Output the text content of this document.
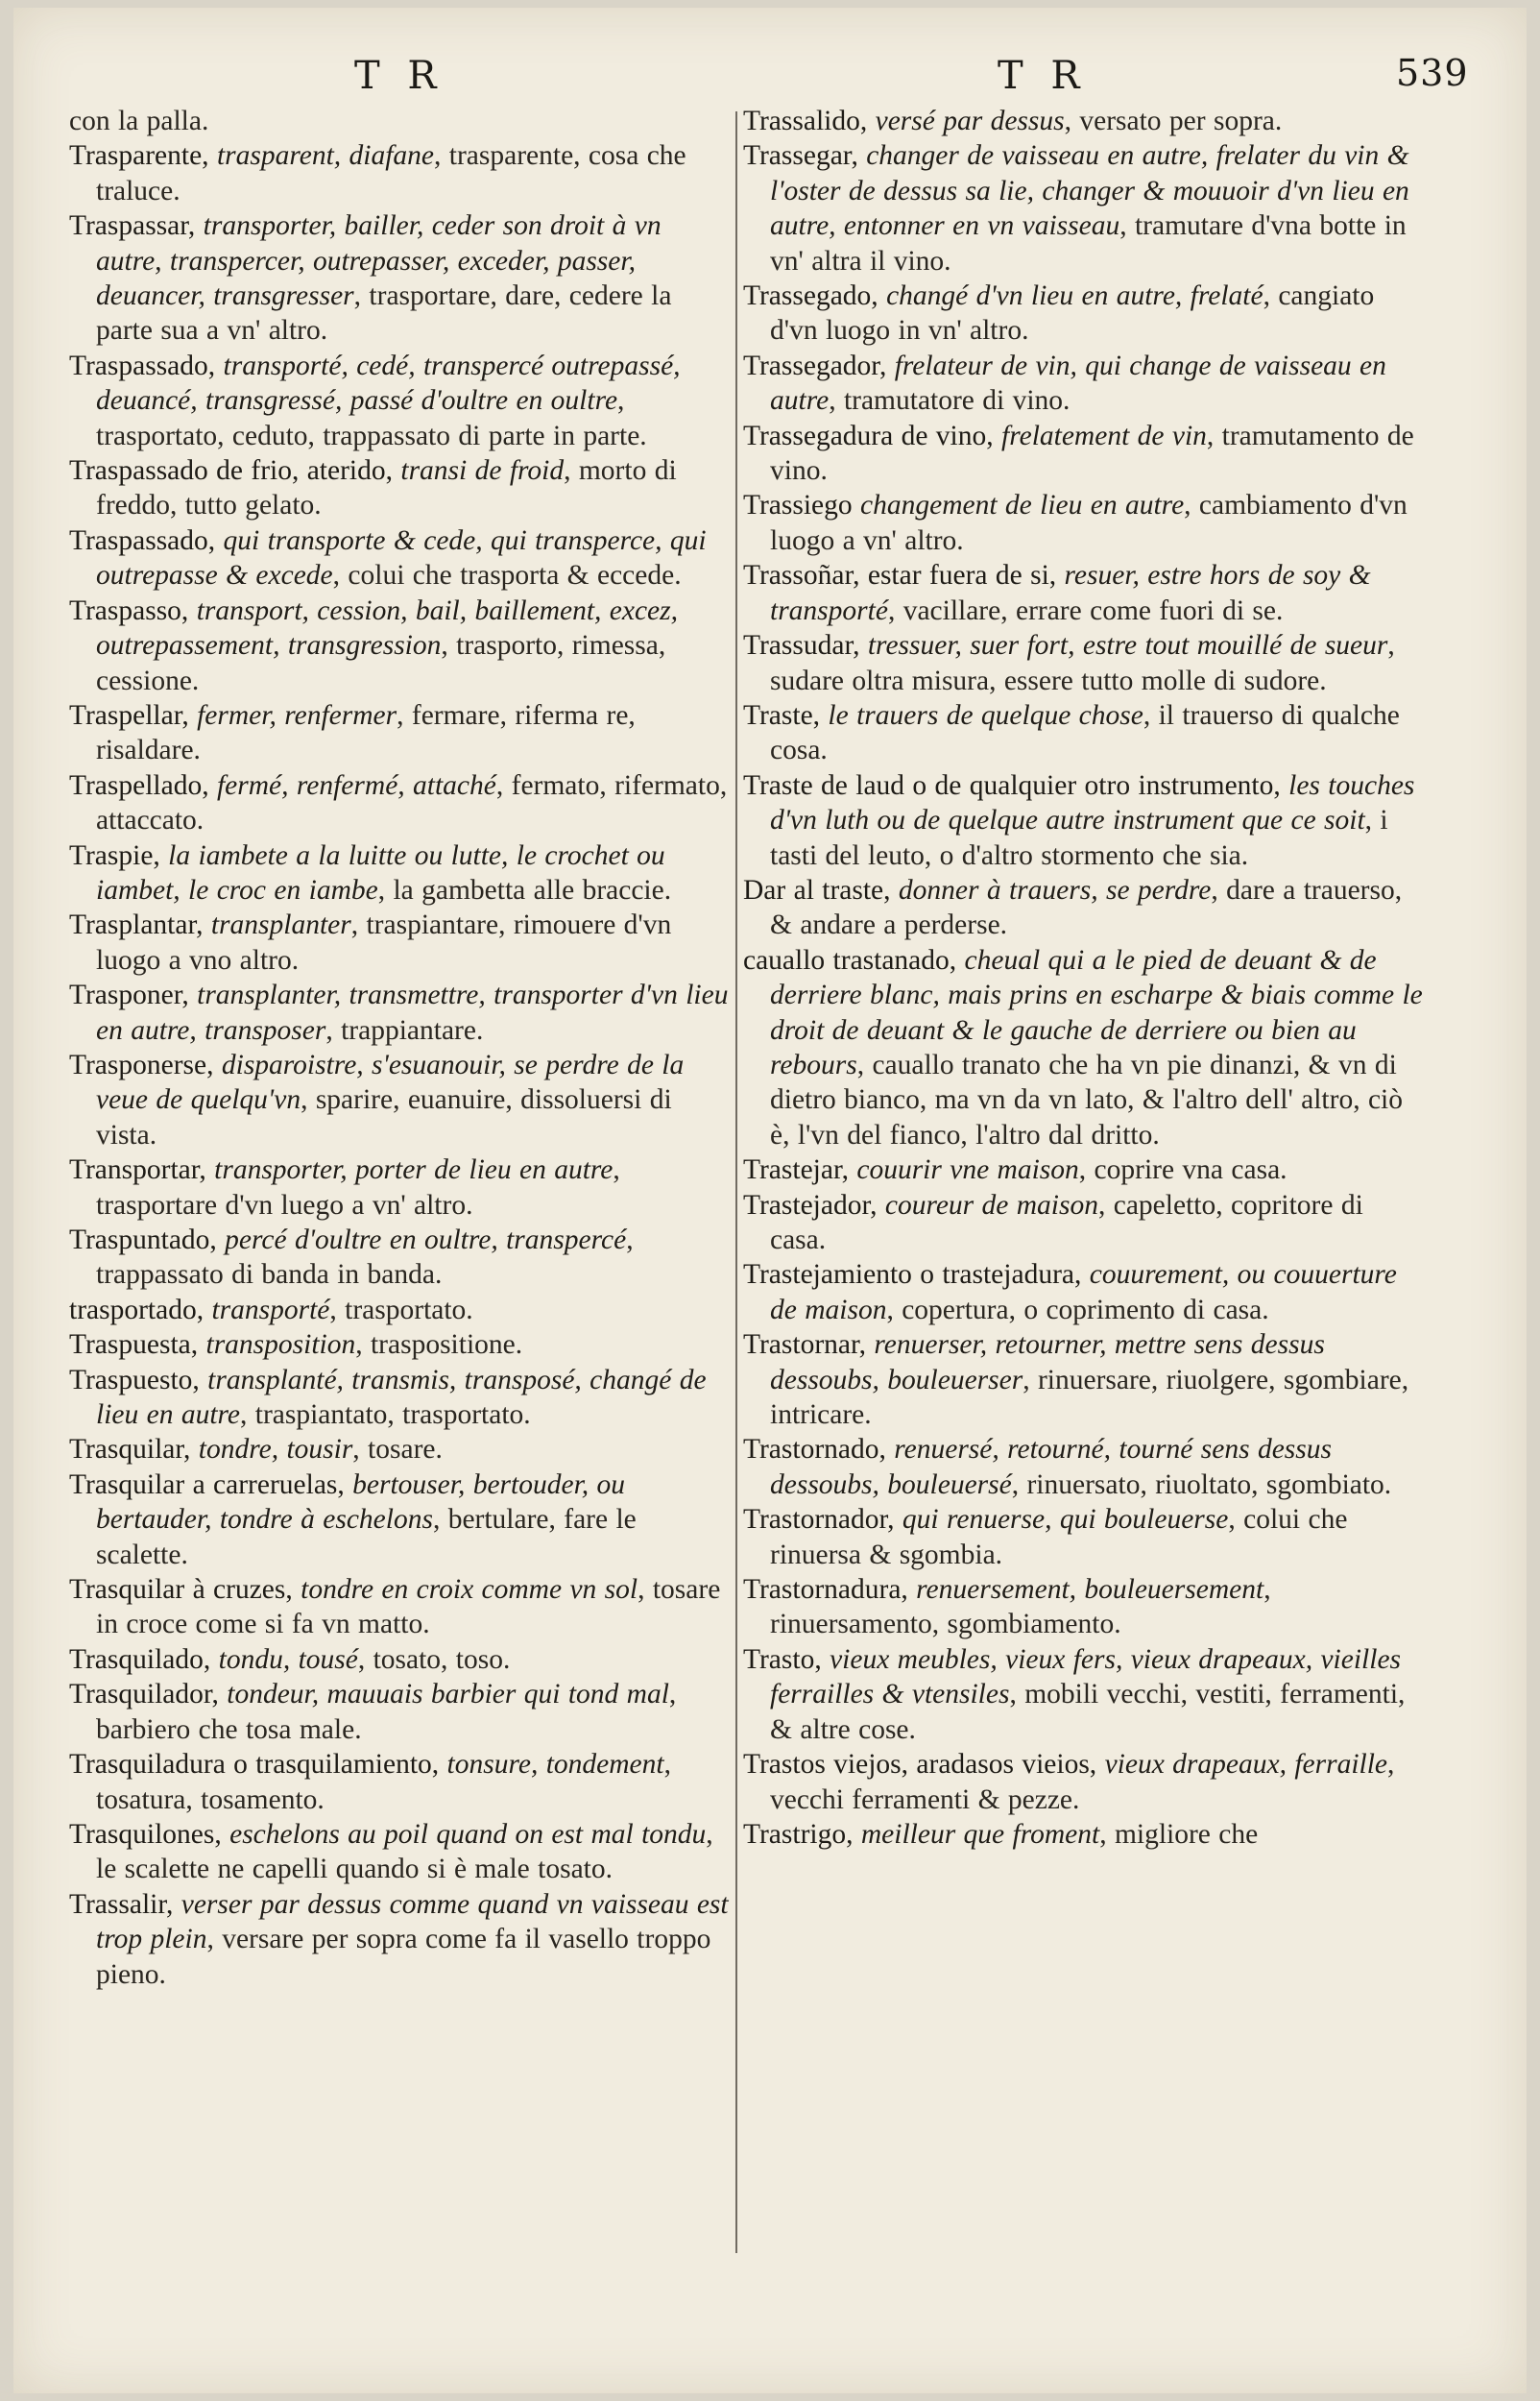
T R	T R	539

con la palla.

Trasparente, trasparent, diafane, trasparente, cosa che traluce.

Traspassar, transporter, bailler, ceder son droit à vn autre, transpercer, outrepasser, exceder, passer, deuancer, transgresser, trasportare, dare, cedere la parte sua a vn' altro.

Traspassado, transporté, cedé, transpercé outrepassé, deuancé, transgressé, passé d'oultre en oultre, trasportato, ceduto, trappassato di parte in parte.

Traspassado de frio, aterido, transi de froid, morto di freddo, tutto gelato.

Traspassado, qui transporte & cede, qui transperce, qui outrepasse & excede, colui che trasporta & eccede.

Traspasso, transport, cession, bail, baillement, excez, outrepassement, transgression, trasporto, rimessa, cessione.

Traspellar, fermer, renfermer, fermare, riferma re, risaldare.

Traspellado, fermé, renfermé, attaché, fermato, rifermato, attaccato.

Traspie, la iambete a la luitte ou lutte, le crochet ou iambet, le croc en iambe, la gambetta alle braccie.

Trasplantar, transplanter, traspiantare, rimouere d'vn luogo a vno altro.

Trasponer, transplanter, transmettre, transporter d'vn lieu en autre, transposer, trappiantare.

Trasponerse, disparoistre, s'esuanouir, se perdre de la veue de quelqu'vn, sparire, euanuire, dissoluersi di vista.

Transportar, transporter, porter de lieu en autre, trasportare d'vn luego a vn' altro.

Traspuntado, percé d'oultre en oultre, transpercé, trappassato di banda in banda.

trasportado, transporté, trasportato.

Traspuesta, transposition, traspositione.

Traspuesto, transplanté, transmis, transposé, changé de lieu en autre, traspiantato, trasportato.

Trasquilar, tondre, tousir, tosare.

Trasquilar a carreruelas, bertouser, bertouder, ou bertauder, tondre à eschelons, bertulare, fare le scalette.

Trasquilar à cruzes, tondre en croix comme vn sol, tosare in croce come si fa vn matto.

Trasquilado, tondu, tousé, tosato, toso.

Trasquilador, tondeur, mauuais barbier qui tond mal, barbiero che tosa male.

Trasquiladura o trasquilamiento, tonsure, tondement, tosatura, tosamento.

Trasquilones, eschelons au poil quand on est mal tondu, le scalette ne capelli quando si è male tosato.

Trassalir, verser par dessus comme quand vn vaisseau est trop plein, versare per sopra come fa il vasello troppo pieno.

Trassalido, versé par dessus, versato per sopra.

Trassegar, changer de vaisseau en autre, frelater du vin & l'oster de dessus sa lie, changer & mouuoir d'vn lieu en autre, entonner en vn vaisseau, tramutare d'vna botte in vn' altra il vino.

Trassegado, changé d'vn lieu en autre, frelaté, cangiato d'vn luogo in vn' altro.

Trassegador, frelateur de vin, qui change de vaisseau en autre, tramutatore di vino.

Trassegadura de vino, frelatement de vin, tramutamento de vino.

Trassiego changement de lieu en autre, cambiamento d'vn luogo a vn' altro.

Trassoñar, estar fuera de si, resuer, estre hors de soy & transporté, vacillare, errare come fuori di se.

Trassudar, tressuer, suer fort, estre tout mouillé de sueur, sudare oltra misura, essere tutto molle di sudore.

Traste, le trauers de quelque chose, il trauerso di qualche cosa.

Traste de laud o de qualquier otro instrumento, les touches d'vn luth ou de quelque autre instrument que ce soit, i tasti del leuto, o d'altro stormento che sia.

Dar al traste, donner à trauers, se perdre, dare a trauerso, & andare a perderse.

cauallo trastanado, cheual qui a le pied de deuant & de derriere blanc, mais prins en escharpe & biais comme le droit de deuant & le gauche de derriere ou bien au rebours, cauallo tranato che ha vn pie dinanzi, & vn di dietro bianco, ma vn da vn lato, & l'altro dell' altro, ciò è, l'vn del fianco, l'altro dal dritto.

Trastejar, couurir vne maison, coprire vna casa.

Trastejador, coureur de maison, capeletto, copritore di casa.

Trastejamiento o trastejadura, couurement, ou couuerture de maison, copertura, o coprimento di casa.

Trastornar, renuerser, retourner, mettre sens dessus dessoubs, bouleuerser, rinuersare, riuolgere, sgombiare, intricare.

Trastornado, renuersé, retourné, tourné sens dessus dessoubs, bouleuersé, rinuersato, riuoltato, sgombiato.

Trastornador, qui renuerse, qui bouleuerse, colui che rinuersa & sgombia.

Trastornadura, renuersement, bouleuersement, rinuersamento, sgombiamento.

Trasto, vieux meubles, vieux fers, vieux drapeaux, vieilles ferrailles & vtensiles, mobili vecchi, vestiti, ferramenti, & altre cose.

Trastos viejos, aradasos vieios, vieux drapeaux, ferraille, vecchi ferramenti & pezze.

Trastrigo, meilleur que froment, migliore che
